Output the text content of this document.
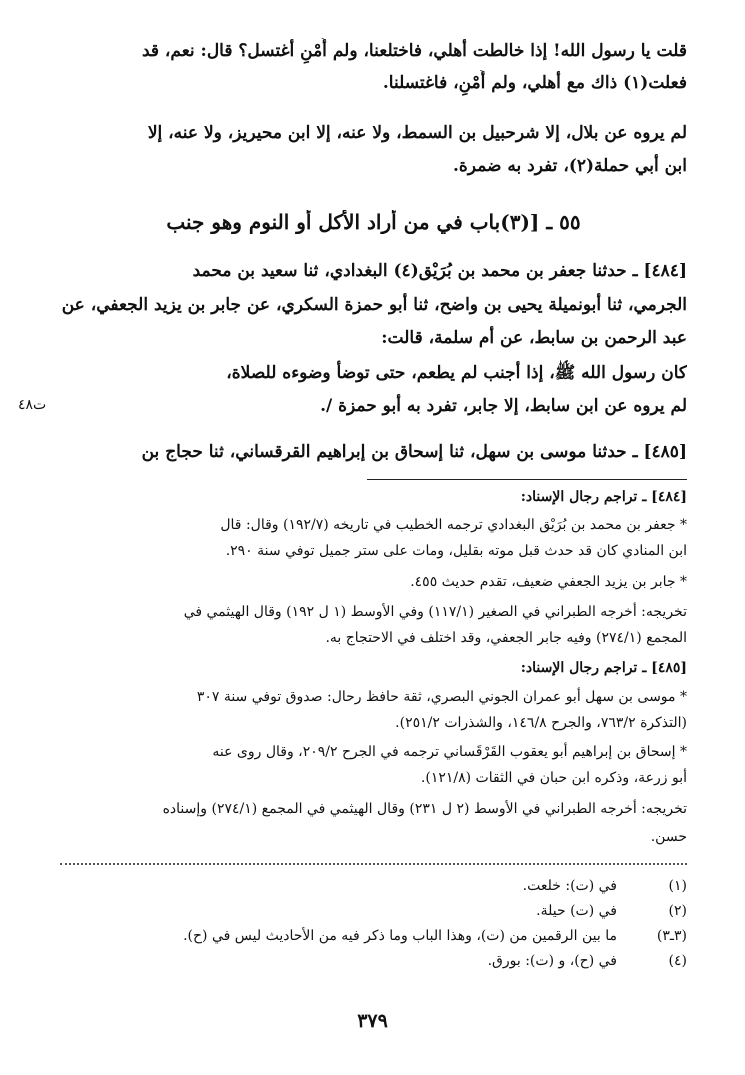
قلت يا رسول الله! إذا خالطت أهلي، فاختلعنا، ولم أُمْنِ أغتسل؟ قال: نعم، قد
فعلت(١) ذاك مع أهلي، ولم أُمْنِ، فاغتسلنا.
لم يروه عن بلال، إلا شرحبيل بن السمط، ولا عنه، إلا ابن محيريز، ولا عنه، إلا
ابن أبي حملة(٢)، تفرد به ضمرة.
٥٥ ـ [(٣)باب في من أراد الأكل أو النوم وهو جنب
[٤٨٤] ـ حدثنا جعفر بن محمد بن بُرَيْق(٤) البغدادي، ثنا سعيد بن محمد
الجرمي، ثنا أبونميلة يحيى بن واضح، ثنا أبو حمزة السكري، عن جابر بن يزيد الجعفي، عن
عبد الرحمن بن سابط، عن أم سلمة، قالت:
كان رسول الله ﷺ، إذا أجنب لم يطعم، حتى توضأ وضوءه للصلاة،
لم يروه عن ابن سابط، إلا جابر، تفرد به أبو حمزة /.
ت٤٨
[٤٨٥] ـ حدثنا موسى بن سهل، ثنا إسحاق بن إبراهيم القرقساني، ثنا حجاج بن
[٤٨٤] ـ تراجم رجال الإسناد:
* جعفر بن محمد بن بُرَيْق البغدادي ترجمه الخطيب في تاريخه (١٩٢/٧) وقال: قال
ابن المنادي كان قد حدث قبل موته بقليل، ومات على ستر جميل توفي سنة ٢٩٠.
* جابر بن يزيد الجعفي ضعيف، تقدم حديث ٤٥٥.
تخريجه: أخرجه الطبراني في الصغير (١١٧/١) وفي الأوسط (١ ل ١٩٢) وقال الهيثمي في
المجمع (٢٧٤/١) وفيه جابر الجعفي، وقد اختلف في الاحتجاج به.
[٤٨٥] ـ تراجم رجال الإسناد:
* موسى بن سهل أبو عمران الجوني البصري، ثقة حافظ رحال: صدوق توفي سنة ٣٠٧
(التذكرة ٧٦٣/٢، والجرح ١٤٦/٨، والشذرات ٢٥١/٢).
* إسحاق بن إبراهيم أبو يعقوب القَرْقَساني ترجمه في الجرح ٢٠٩/٢، وقال روى عنه
أبو زرعة، وذكره ابن حبان في الثقات (١٢١/٨).
تخريجه: أخرجه الطبراني في الأوسط (٢ ل ٢٣١) وقال الهيثمي في المجمع (٢٧٤/١) وإسناده
حسن.
(١)
في (ت): خلعت.
(٢)
في (ت) حيلة.
(٣ـ٣)
ما بين الرقمين من (ت)، وهذا الباب وما ذكر فيه من الأحاديث ليس في (ح).
(٤)
في (ح)، و (ت): بورق.
٣٧٩
